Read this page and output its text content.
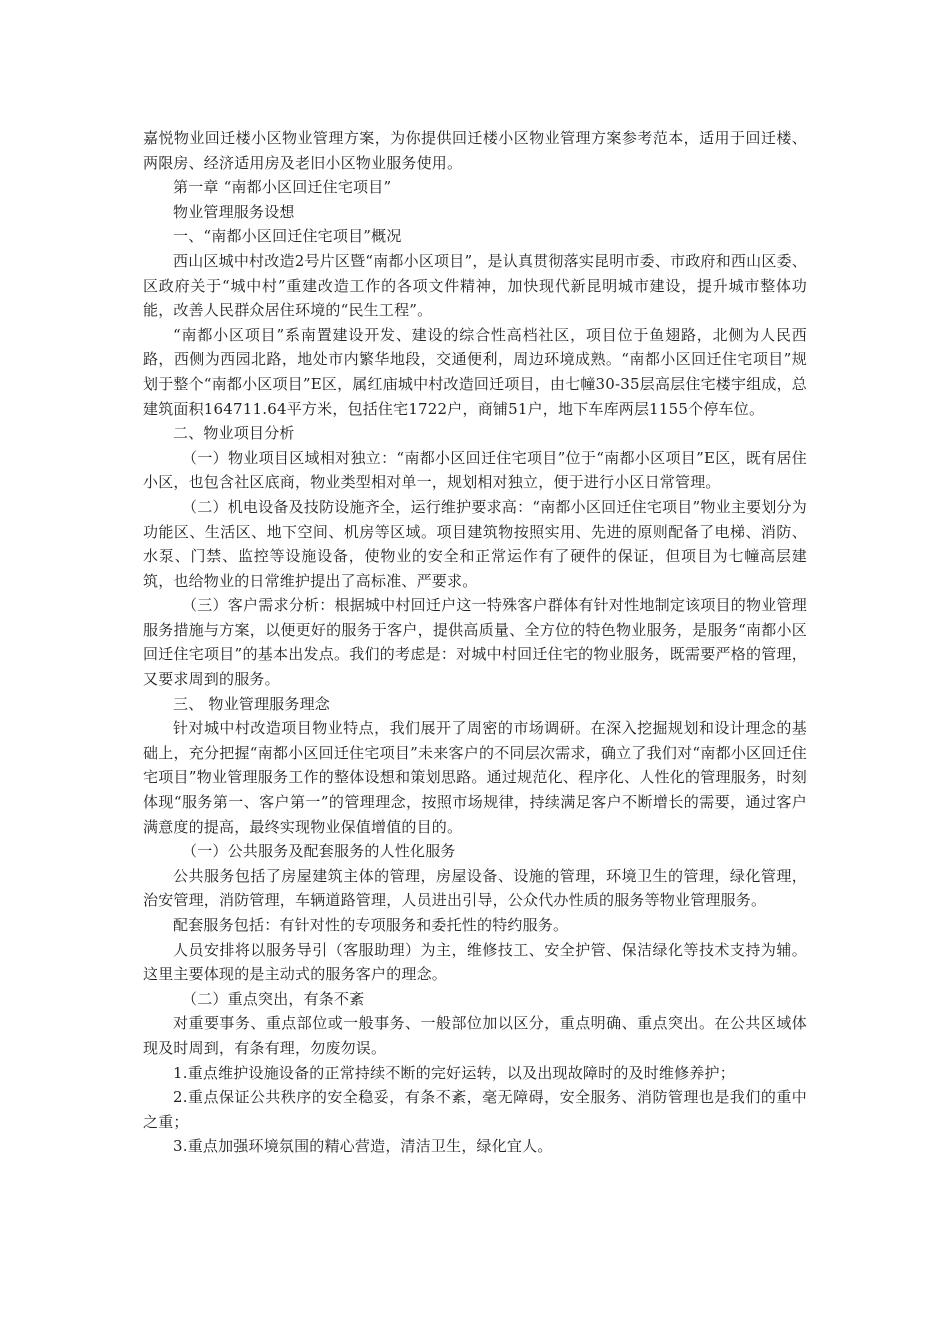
嘉悦物业回迁楼小区物业管理方案，为你提供回迁楼小区物业管理方案参考范本，适用于回迁楼、两限房、经济适用房及老旧小区物业服务使用。

第一章 “南都小区回迁住宅项目”

物业管理服务设想

一、“南都小区回迁住宅项目”概况

西山区城中村改造2号片区暨“南都小区项目”，是认真贯彻落实昆明市委、市政府和西山区委、区政府关于“城中村”重建改造工作的各项文件精神，加快现代新昆明城市建设，提升城市整体功能，改善人民群众居住环境的“民生工程”。

“南都小区项目”系南置建设开发、建设的综合性高档社区，项目位于鱼翅路，北侧为人民西路，西侧为西园北路，地处市内繁华地段，交通便利，周边环境成熟。“南都小区回迁住宅项目”规划于整个“南都小区项目”E区，属红庙城中村改造回迁项目，由七幢30-35层高层住宅楼宇组成，总建筑面积164711.64平方米，包括住宅1722户，商铺51户，地下车库两层1155个停车位。

二、物业项目分析

（一）物业项目区域相对独立：“南都小区回迁住宅项目”位于“南都小区项目”E区，既有居住小区，也包含社区底商，物业类型相对单一，规划相对独立，便于进行小区日常管理。

（二）机电设备及技防设施齐全，运行维护要求高：“南都小区回迁住宅项目”物业主要划分为功能区、生活区、地下空间、机房等区域。项目建筑物按照实用、先进的原则配备了电梯、消防、水泵、门禁、监控等设施设备，使物业的安全和正常运作有了硬件的保证，但项目为七幢高层建筑，也给物业的日常维护提出了高标准、严要求。

（三）客户需求分析：根据城中村回迁户这一特殊客户群体有针对性地制定该项目的物业管理服务措施与方案，以便更好的服务于客户，提供高质量、全方位的特色物业服务，是服务“南都小区回迁住宅项目”的基本出发点。我们的考虑是：对城中村回迁住宅的物业服务，既需要严格的管理，又要求周到的服务。

三、 物业管理服务理念

针对城中村改造项目物业特点，我们展开了周密的市场调研。在深入挖掘规划和设计理念的基础上，充分把握“南都小区回迁住宅项目”未来客户的不同层次需求，确立了我们对“南都小区回迁住宅项目”物业管理服务工作的整体设想和策划思路。通过规范化、程序化、人性化的管理服务，时刻体现“服务第一、客户第一”的管理理念，按照市场规律，持续满足客户不断增长的需要，通过客户满意度的提高，最终实现物业保值增值的目的。

（一）公共服务及配套服务的人性化服务

公共服务包括了房屋建筑主体的管理，房屋设备、设施的管理，环境卫生的管理，绿化管理，治安管理，消防管理，车辆道路管理，人员进出引导，公众代办性质的服务等物业管理服务。

配套服务包括：有针对性的专项服务和委托性的特约服务。

人员安排将以服务导引（客服助理）为主，维修技工、安全护管、保洁绿化等技术支持为辅。这里主要体现的是主动式的服务客户的理念。

（二）重点突出，有条不紊

对重要事务、重点部位或一般事务、一般部位加以区分，重点明确、重点突出。在公共区域体现及时周到，有条有理，勿废勿误。

1.重点维护设施设备的正常持续不断的完好运转，以及出现故障时的及时维修养护；

2.重点保证公共秩序的安全稳妥，有条不紊，毫无障碍，安全服务、消防管理也是我们的重中之重；

3.重点加强环境氛围的精心营造，清洁卫生，绿化宜人。
